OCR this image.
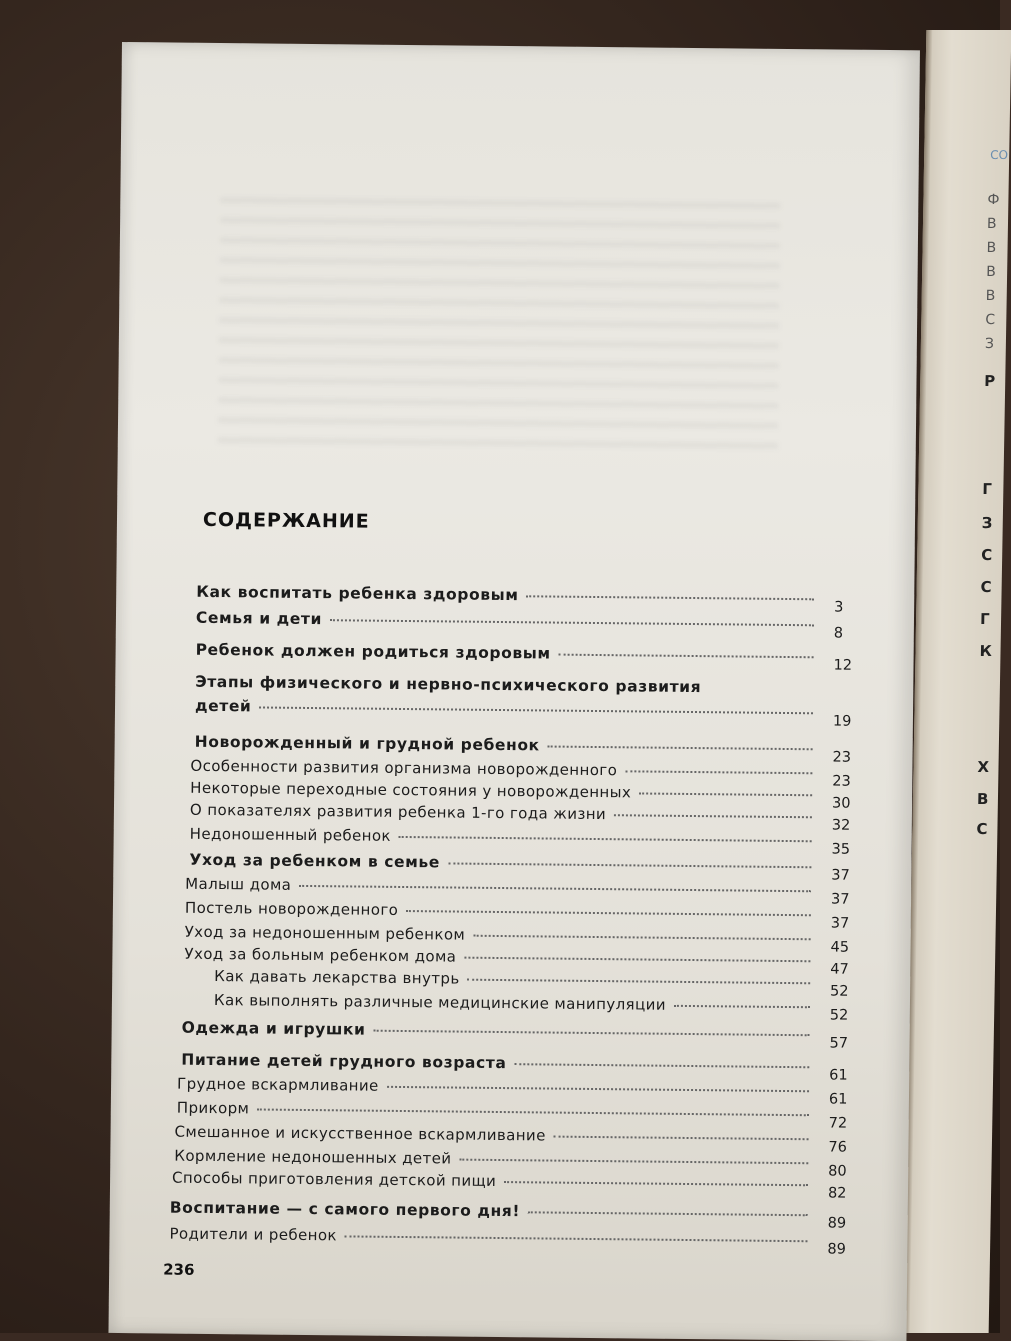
СО
Ф
В
В
В
В
С
З
Р
Г
З
С
С
Г
К
С
Х
В
СОДЕРЖАНИЕ
3
Как воспитать ребенка здоровым
8
Семья и дети
12
Ребенок должен родиться здоровым
детей
19
Этапы физического и нервно-психического развития
23
Новорожденный и грудной ребенок
23
Особенности развития организма новорожденного
30
Некоторые переходные состояния у новорожденных
32
О показателях развития ребенка 1-го года жизни
35
Недоношенный ребенок
37
Уход за ребенком в семье
37
Малыш дома
37
Постель новорожденного
45
Уход за недоношенным ребенком
47
Уход за больным ребенком дома
52
Как давать лекарства внутрь
52
Как выполнять различные медицинские манипуляции
57
Одежда и игрушки
61
Питание детей грудного возраста
61
Грудное вскармливание
72
Прикорм
76
Смешанное и искусственное вскармливание
80
Кормление недоношенных детей
82
Способы приготовления детской пищи
89
Воспитание — с самого первого дня!
89
Родители и ребенок
236
